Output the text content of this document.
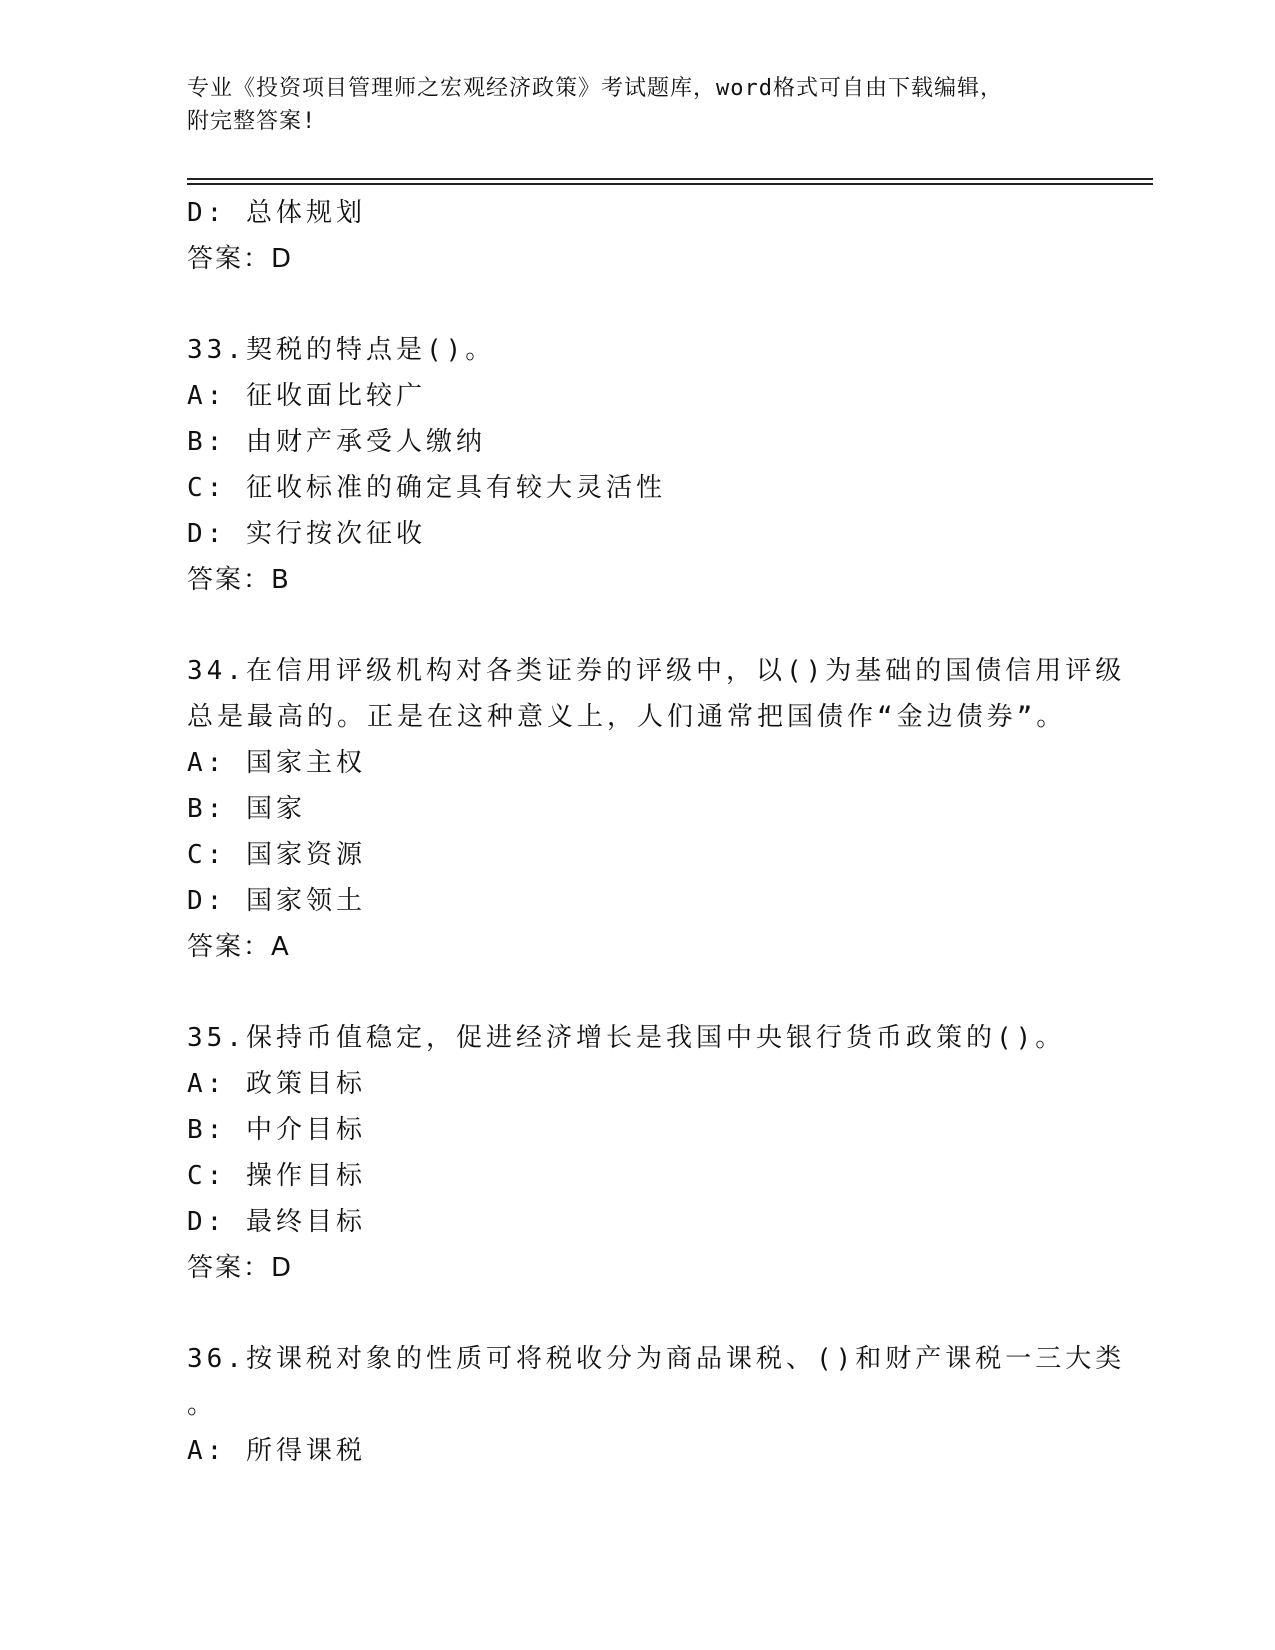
专业《投资项目管理师之宏观经济政策》考试题库，word格式可自由下载编辑，
附完整答案!
D: 总体规划
答案：D
33.契税的特点是()。
A: 征收面比较广
B: 由财产承受人缴纳
C: 征收标准的确定具有较大灵活性
D: 实行按次征收
答案：B
34.在信用评级机构对各类证券的评级中，以()为基础的国债信用评级
总是最高的。正是在这种意义上，人们通常把国债作“金边债券”。
A: 国家主权
B: 国家
C: 国家资源
D: 国家领土
答案：A
35.保持币值稳定，促进经济增长是我国中央银行货币政策的()。
A: 政策目标
B: 中介目标
C: 操作目标
D: 最终目标
答案：D
36.按课税对象的性质可将税收分为商品课税、()和财产课税一三大类
。
A: 所得课税
